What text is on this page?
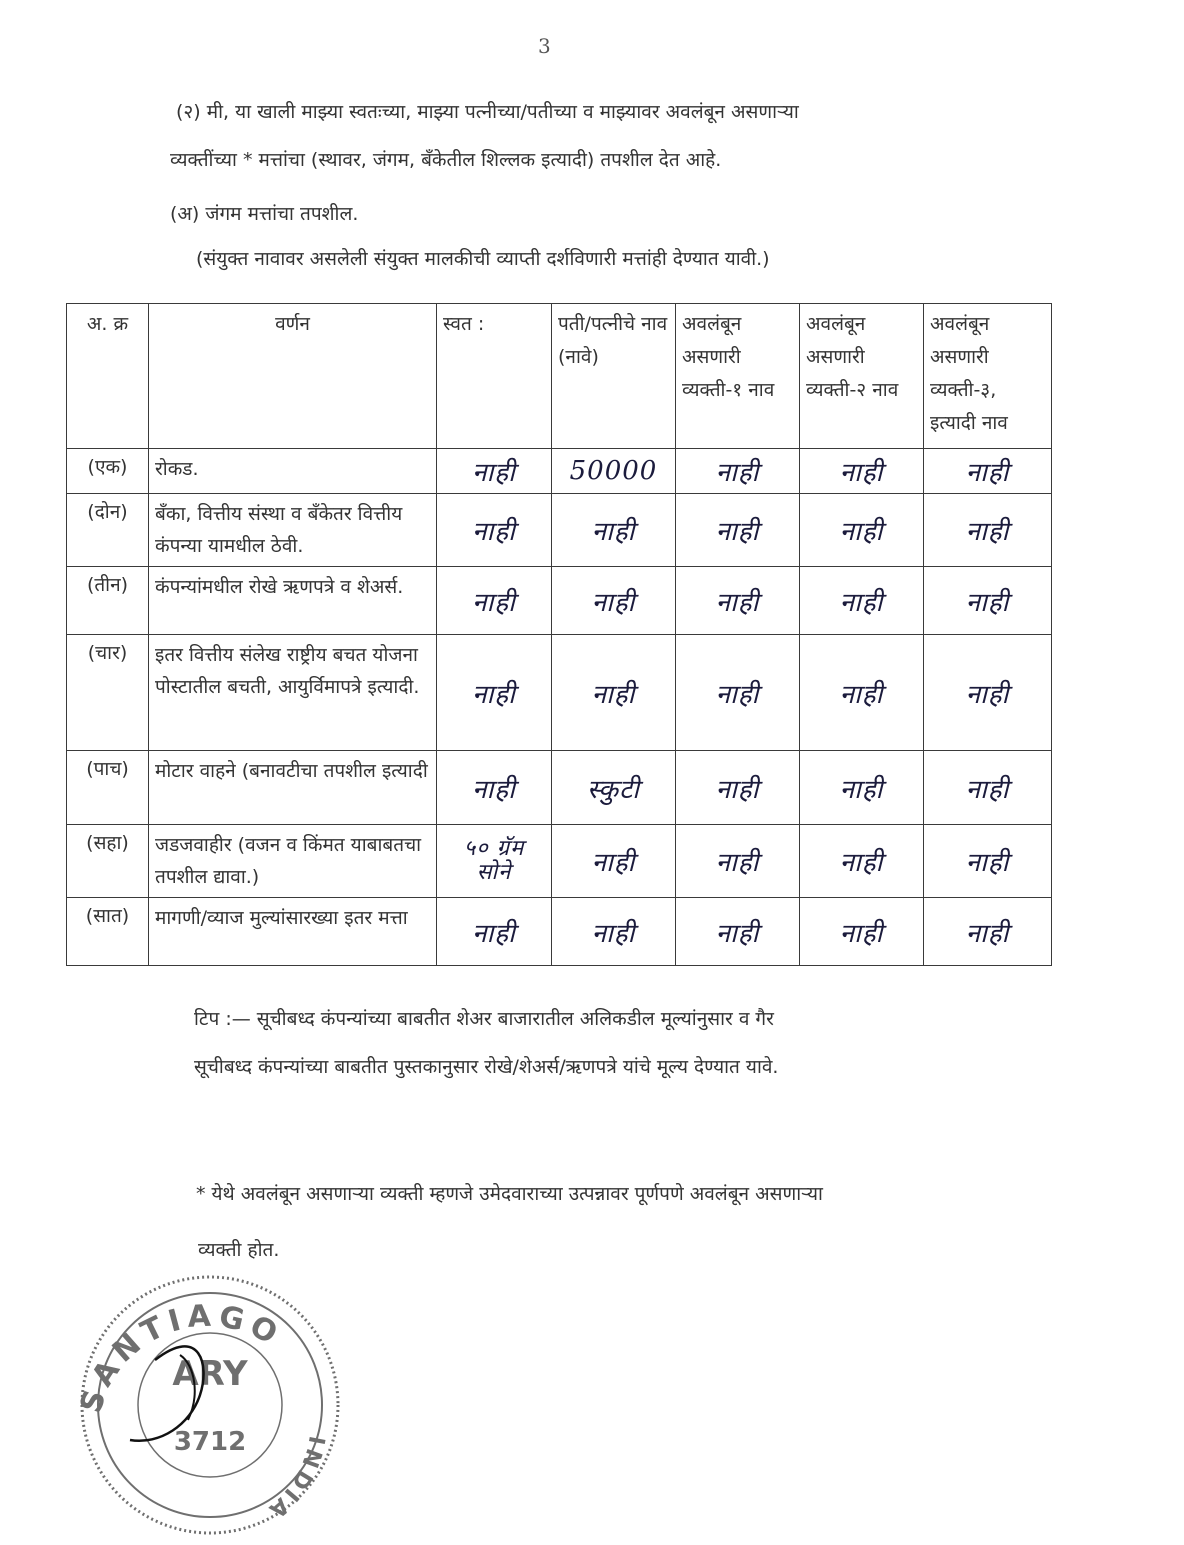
3
(२) मी, या खाली माझ्या स्वतःच्या, माझ्या पत्नीच्या/पतीच्या व माझ्यावर अवलंबून असणाऱ्या
व्यक्तींच्या * मत्तांचा (स्थावर, जंगम, बँकेतील शिल्लक इत्यादी) तपशील देत आहे.
(अ) जंगम मत्तांचा तपशील.
(संयुक्त नावावर असलेली संयुक्त मालकीची व्याप्ती दर्शविणारी मत्तांही देण्यात यावी.)
अ. क्र	वर्णन	स्वत :	पती/पत्नीचे नाव (नावे)	अवलंबून असणारी व्यक्ती-१ नाव	अवलंबून असणारी व्यक्ती-२ नाव	अवलंबून असणारी व्यक्ती-३, इत्यादी नाव
(एक)	रोकड.	नाही	50000	नाही	नाही	नाही
(दोन)	बँका, वित्तीय संस्था व बँकेतर वित्तीय कंपन्या यामधील ठेवी.	नाही	नाही	नाही	नाही	नाही
(तीन)	कंपन्यांमधील रोखे ऋणपत्रे व शेअर्स.	नाही	नाही	नाही	नाही	नाही
(चार)	इतर वित्तीय संलेख राष्ट्रीय बचत योजना पोस्टातील बचती, आयुर्विमापत्रे इत्यादी.	नाही	नाही	नाही	नाही	नाही
(पाच)	मोटार वाहने (बनावटीचा तपशील इत्यादी	नाही	स्कुटी	नाही	नाही	नाही
(सहा)	जडजवाहीर (वजन व किंमत याबाबतचा तपशील द्यावा.)	५० ग्रॅम सोने	नाही	नाही	नाही	नाही
(सात)	मागणी/व्याज मुल्यांसारख्या इतर मत्ता	नाही	नाही	नाही	नाही	नाही
टिप :— सूचीबध्द कंपन्यांच्या बाबतीत शेअर बाजारातील अलिकडील मूल्यांनुसार व गैर
सूचीबध्द कंपन्यांच्या बाबतीत पुस्तकानुसार रोखे/शेअर्स/ऋणपत्रे यांचे मूल्य देण्यात यावे.
* येथे अवलंबून असणाऱ्या व्यक्ती म्हणजे उमेदवाराच्या उत्पन्नावर पूर्णपणे अवलंबून असणाऱ्या
व्यक्ती होत.
SANTIAGO
INDIA
ARY
3712
